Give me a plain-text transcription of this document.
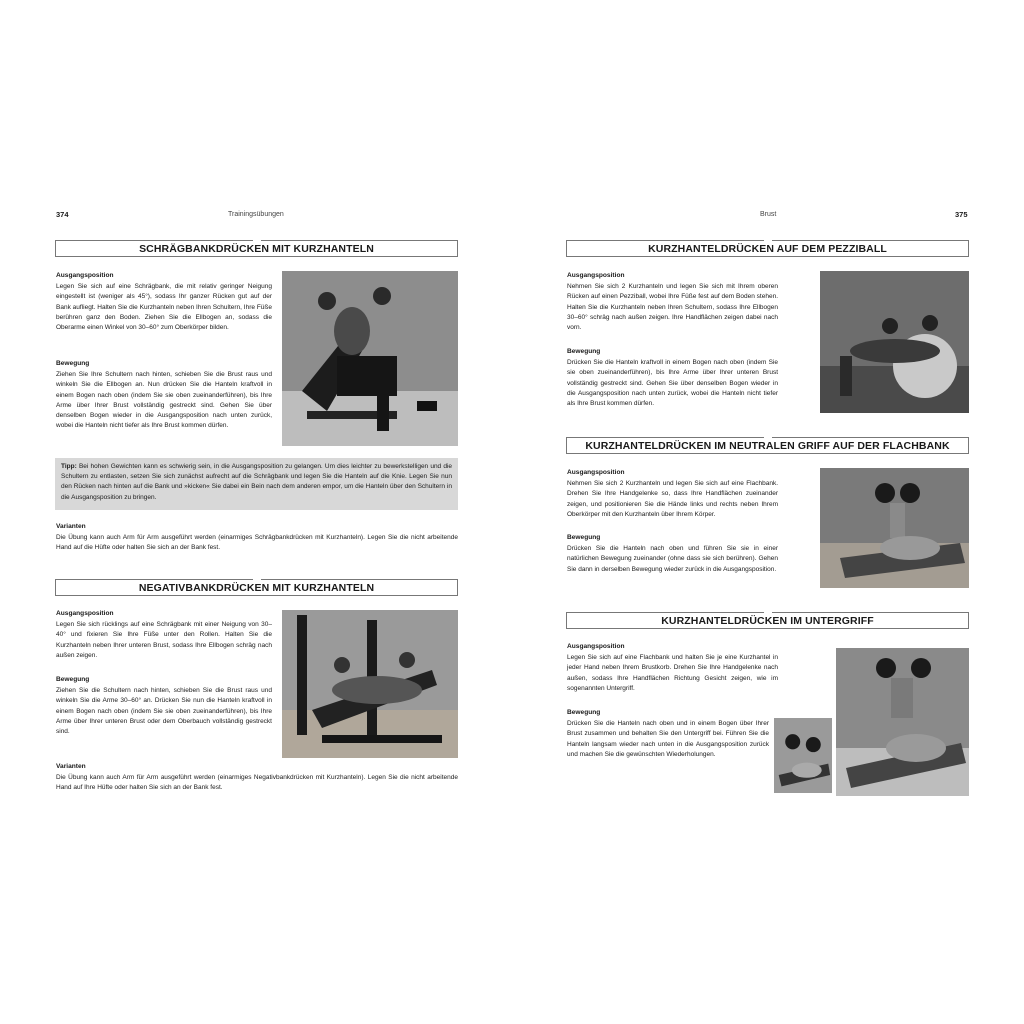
374	Trainingsübungen
SCHRÄGBANKDRÜCKEN MIT KURZHANTELN
Ausgangsposition
Legen Sie sich auf eine Schrägbank, die mit relativ geringer Neigung eingestellt ist (weniger als 45°), sodass Ihr ganzer Rücken gut auf der Bank aufliegt. Halten Sie die Kurzhanteln neben Ihren Schultern, Ihre Füße berühren ganz den Boden. Ziehen Sie die Ellbogen an, sodass die Oberarme einen Winkel von 30–60° zum Oberkörper bilden.
Bewegung
Ziehen Sie Ihre Schultern nach hinten, schieben Sie die Brust raus und winkeln Sie die Ellbogen an. Nun drücken Sie die Hanteln kraftvoll in einem Bogen nach oben (indem Sie sie oben zueinanderführen), bis Ihre Arme über Ihrer Brust vollständig gestreckt sind. Gehen Sie über denselben Bogen wieder in die Ausgangsposition nach unten zurück, wobei die Hanteln nicht tiefer als Ihre Brust kommen dürfen.
Tipp: Bei hohen Gewichten kann es schwierig sein, in die Ausgangsposition zu gelangen. Um dies leichter zu bewerkstelligen und die Schultern zu entlasten, setzen Sie sich zunächst aufrecht auf die Schrägbank und legen Sie die Hanteln auf die Knie. Legen Sie nun den Rücken nach hinten auf die Bank und »kicken« Sie dabei ein Bein nach dem anderen empor, um die Hanteln über den Schultern in die Ausgangsposition zu bringen.
Varianten
Die Übung kann auch Arm für Arm ausgeführt werden (einarmiges Schrägbankdrücken mit Kurzhanteln). Legen Sie die nicht arbeitende Hand auf die Hüfte oder halten Sie sich an der Bank fest.
NEGATIVBANKDRÜCKEN MIT KURZHANTELN
Ausgangsposition
Legen Sie sich rücklings auf eine Schrägbank mit einer Neigung von 30–40° und fixieren Sie Ihre Füße unter den Rollen. Halten Sie die Kurzhanteln neben Ihrer unteren Brust, sodass Ihre Ellbogen schräg nach außen zeigen.
Bewegung
Ziehen Sie die Schultern nach hinten, schieben Sie die Brust raus und winkeln Sie die Arme 30–60° an. Drücken Sie nun die Hanteln kraftvoll in einem Bogen nach oben (indem Sie sie oben zueinanderführen), bis Ihre Arme über Ihrer unteren Brust oder dem Oberbauch vollständig gestreckt sind.
Varianten
Die Übung kann auch Arm für Arm ausgeführt werden (einarmiges Negativbankdrücken mit Kurzhanteln). Legen Sie die nicht arbeitende Hand auf Ihre Hüfte oder halten Sie sich an der Bank fest.
Brust	375
KURZHANTELDRÜCKEN AUF DEM PEZZIBALL
Ausgangsposition
Nehmen Sie sich 2 Kurzhanteln und legen Sie sich mit Ihrem oberen Rücken auf einen Pezziball, wobei Ihre Füße fest auf dem Boden stehen. Halten Sie die Kurzhanteln neben Ihren Schultern, sodass Ihre Ellbogen 30–60° schräg nach außen zeigen. Ihre Handflächen zeigen dabei nach vorn.
Bewegung
Drücken Sie die Hanteln kraftvoll in einem Bogen nach oben (indem Sie sie oben zueinanderführen), bis Ihre Arme über Ihrer unteren Brust vollständig gestreckt sind. Gehen Sie über denselben Bogen wieder in die Ausgangsposition nach unten zurück, wobei die Hanteln nicht tiefer als Ihre Brust kommen dürfen.
KURZHANTELDRÜCKEN IM NEUTRALEN GRIFF AUF DER FLACHBANK
Ausgangsposition
Nehmen Sie sich 2 Kurzhanteln und legen Sie sich auf eine Flachbank. Drehen Sie Ihre Handgelenke so, dass Ihre Handflächen zueinander zeigen, und positionieren Sie die Hände links und rechts neben Ihrem Oberkörper mit den Kurzhanteln über Ihrem Körper.
Bewegung
Drücken Sie die Hanteln nach oben und führen Sie sie in einer natürlichen Bewegung zueinander (ohne dass sie sich berühren). Gehen Sie dann in derselben Bewegung wieder zurück in die Ausgangsposition.
KURZHANTELDRÜCKEN IM UNTERGRIFF
Ausgangsposition
Legen Sie sich auf eine Flachbank und halten Sie je eine Kurzhantel in jeder Hand neben Ihrem Brustkorb. Drehen Sie Ihre Handgelenke nach außen, sodass Ihre Handflächen Richtung Gesicht zeigen, wie im sogenannten Untergriff.
Bewegung
Drücken Sie die Hanteln nach oben und in einem Bogen über Ihrer Brust zusammen und behalten Sie den Untergriff bei. Führen Sie die Hanteln langsam wieder nach unten in die Ausgangsposition zurück und machen Sie die gewünschten Wiederholungen.
